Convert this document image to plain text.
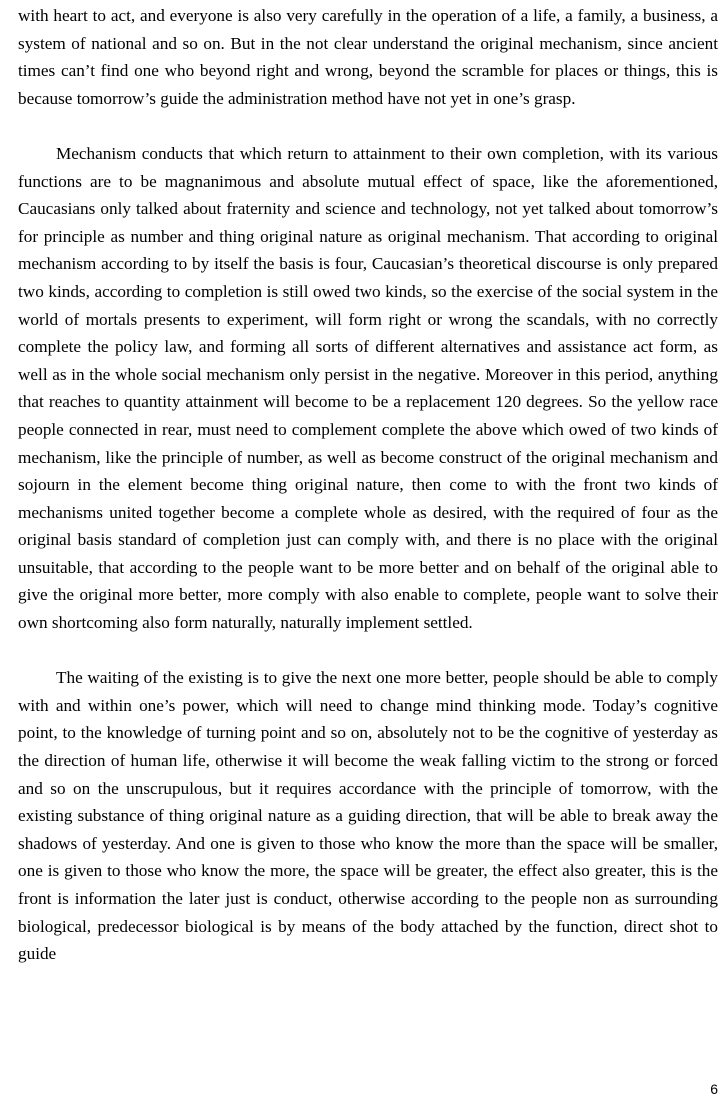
with heart to act, and everyone is also very carefully in the operation of a life, a family, a business, a system of national and so on. But in the not clear understand the original mechanism, since ancient times can’t find one who beyond right and wrong, beyond the scramble for places or things, this is because tomorrow’s guide the administration method have not yet in one’s grasp.

Mechanism conducts that which return to attainment to their own completion, with its various functions are to be magnanimous and absolute mutual effect of space, like the aforementioned, Caucasians only talked about fraternity and science and technology, not yet talked about tomorrow’s for principle as number and thing original nature as original mechanism. That according to original mechanism according to by itself the basis is four, Caucasian’s theoretical discourse is only prepared two kinds, according to completion is still owed two kinds, so the exercise of the social system in the world of mortals presents to experiment, will form right or wrong the scandals, with no correctly complete the policy law, and forming all sorts of different alternatives and assistance act form, as well as in the whole social mechanism only persist in the negative. Moreover in this period, anything that reaches to quantity attainment will become to be a replacement 120 degrees. So the yellow race people connected in rear, must need to complement complete the above which owed of two kinds of mechanism, like the principle of number, as well as become construct of the original mechanism and sojourn in the element become thing original nature, then come to with the front two kinds of mechanisms united together become a complete whole as desired, with the required of four as the original basis standard of completion just can comply with, and there is no place with the original unsuitable, that according to the people want to be more better and on behalf of the original able to give the original more better, more comply with also enable to complete, people want to solve their own shortcoming also form naturally, naturally implement settled.

The waiting of the existing is to give the next one more better, people should be able to comply with and within one’s power, which will need to change mind thinking mode. Today’s cognitive point, to the knowledge of turning point and so on, absolutely not to be the cognitive of yesterday as the direction of human life, otherwise it will become the weak falling victim to the strong or forced and so on the unscrupulous, but it requires accordance with the principle of tomorrow, with the existing substance of thing original nature as a guiding direction, that will be able to break away the shadows of yesterday. And one is given to those who know the more than the space will be smaller, one is given to those who know the more, the space will be greater, the effect also greater, this is the front is information the later just is conduct, otherwise according to the people non as surrounding biological, predecessor biological is by means of the body attached by the function, direct shot to guide

6
